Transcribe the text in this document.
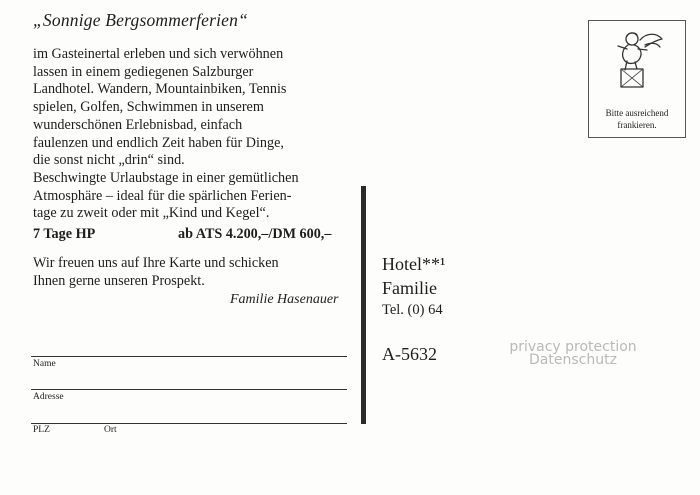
„Sonnige Bergsommerferien“
im Gasteinertal erleben und sich verwöhnen
lassen in einem gediegenen Salzburger
Landhotel. Wandern, Mountainbiken, Tennis
spielen, Golfen, Schwimmen in unserem
wunderschönen Erlebnisbad, einfach
faulenzen und endlich Zeit haben für Dinge,
die sonst nicht „drin“ sind.
Beschwingte Urlaubstage in einer gemütlichen
Atmosphäre – ideal für die spärlichen Ferien-
tage zu zweit oder mit „Kind und Kegel“.
7 Tage HP	ab ATS 4.200,–/DM 600,–
Wir freuen uns auf Ihre Karte und schicken
Ihnen gerne unseren Prospekt.
Familie Hasenauer
Name
Adresse
PLZ	Ort
Hotel**¹
Familie
Tel. (0) 64
A-5632	privacy protection
Datenschutz
Bitte ausreichend
frankieren.
